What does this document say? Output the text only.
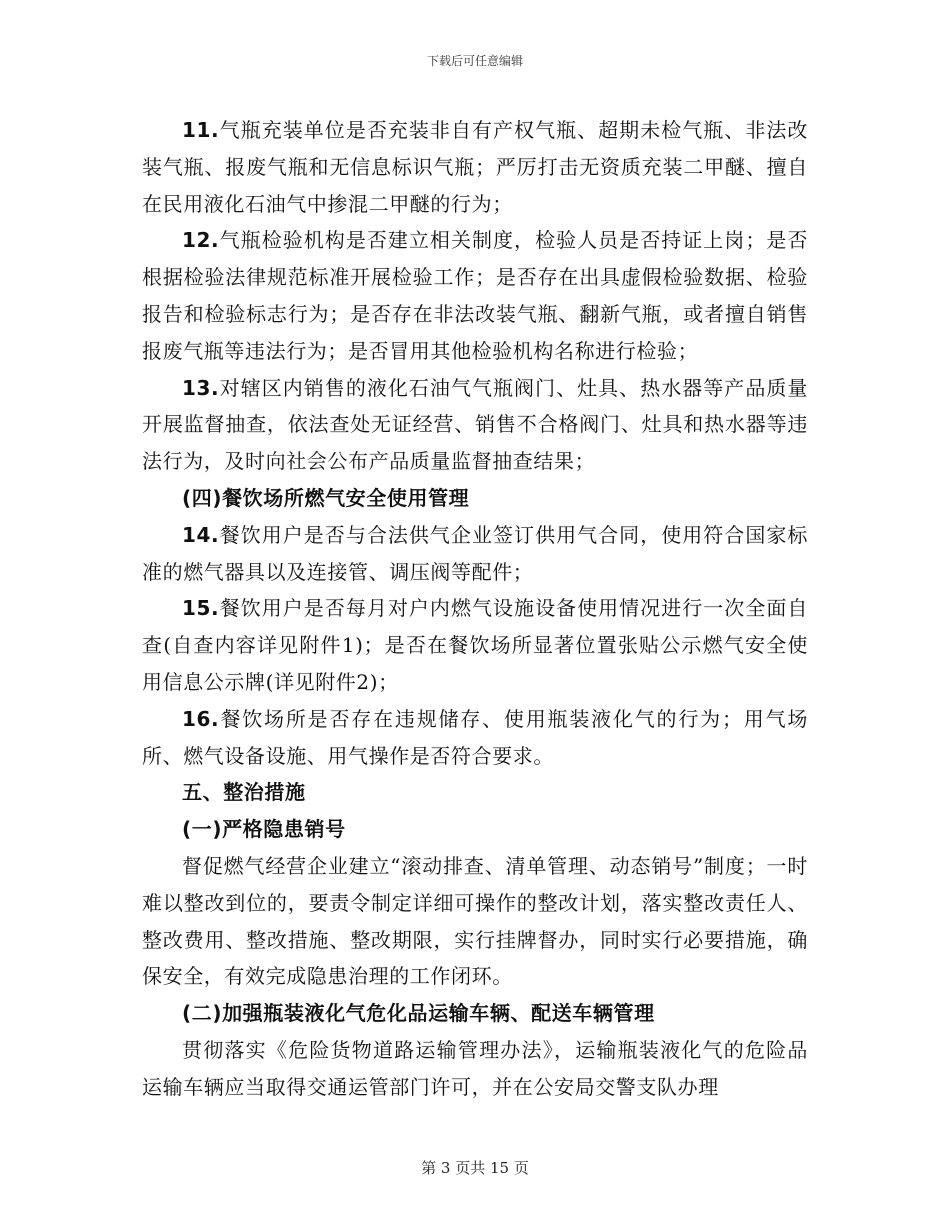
下载后可任意编辑

11.气瓶充装单位是否充装非自有产权气瓶、超期未检气瓶、非法改装气瓶、报废气瓶和无信息标识气瓶；严厉打击无资质充装二甲醚、擅自在民用液化石油气中掺混二甲醚的行为；

12.气瓶检验机构是否建立相关制度，检验人员是否持证上岗；是否根据检验法律规范标准开展检验工作；是否存在出具虚假检验数据、检验报告和检验标志行为；是否存在非法改装气瓶、翻新气瓶，或者擅自销售报废气瓶等违法行为；是否冒用其他检验机构名称进行检验；

13.对辖区内销售的液化石油气气瓶阀门、灶具、热水器等产品质量开展监督抽查，依法查处无证经营、销售不合格阀门、灶具和热水器等违法行为，及时向社会公布产品质量监督抽查结果；

(四)餐饮场所燃气安全使用管理

14.餐饮用户是否与合法供气企业签订供用气合同，使用符合国家标准的燃气器具以及连接管、调压阀等配件；

15.餐饮用户是否每月对户内燃气设施设备使用情况进行一次全面自查(自查内容详见附件1)；是否在餐饮场所显著位置张贴公示燃气安全使用信息公示牌(详见附件2)；

16.餐饮场所是否存在违规储存、使用瓶装液化气的行为；用气场所、燃气设备设施、用气操作是否符合要求。

五、整治措施
(一)严格隐患销号

督促燃气经营企业建立“滚动排查、清单管理、动态销号”制度；一时难以整改到位的，要责令制定详细可操作的整改计划，落实整改责任人、整改费用、整改措施、整改期限，实行挂牌督办，同时实行必要措施，确保安全，有效完成隐患治理的工作闭环。

(二)加强瓶装液化气危化品运输车辆、配送车辆管理

贯彻落实《危险货物道路运输管理办法》，运输瓶装液化气的危险品运输车辆应当取得交通运管部门许可，并在公安局交警支队办理

第 3 页共 15 页
